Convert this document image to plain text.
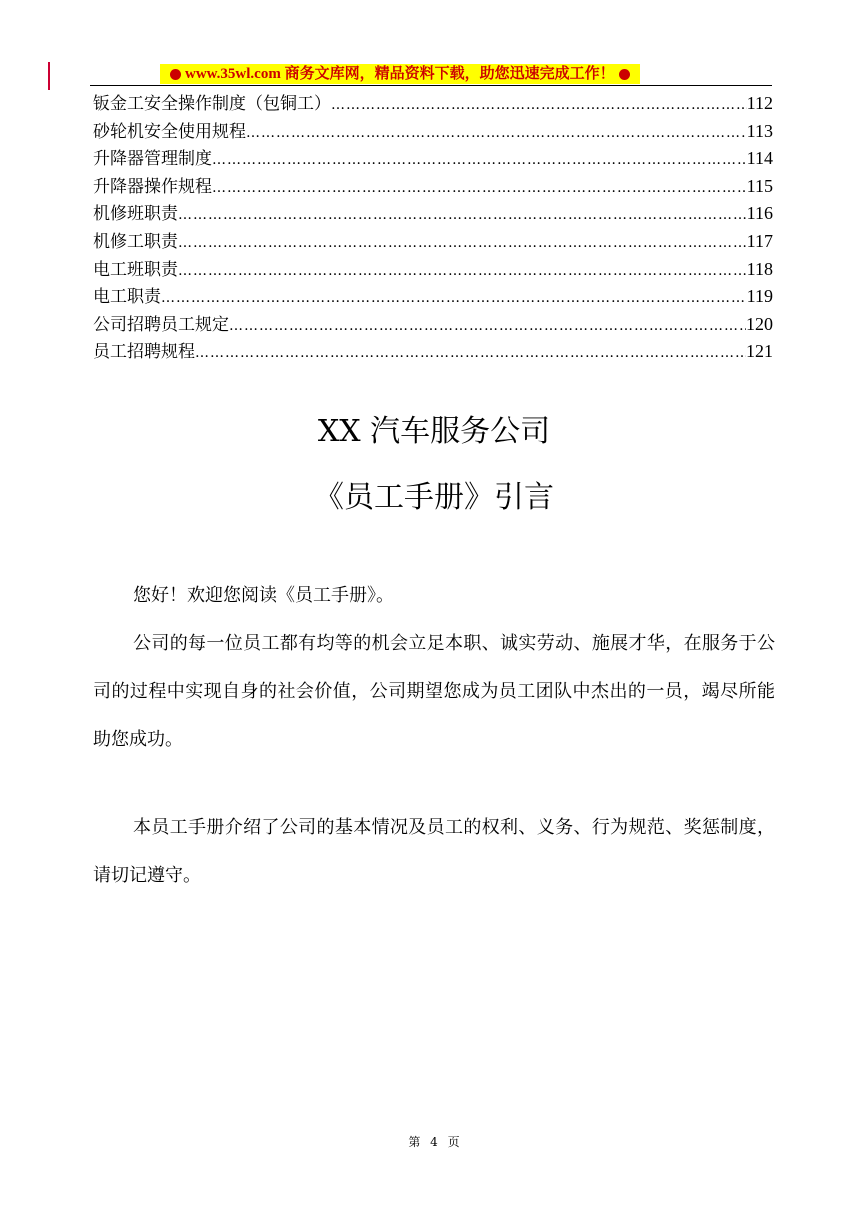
www.35wl.com 商务文库网，精品资料下载，助您迅速完成工作！
钣金工安全操作制度（包铜工） ……………………………………………………………………………………………………………………………………………………………………………………………………………	112
砂轮机安全使用规程 ……………………………………………………………………………………………………………………………………………………………………………………………………………	113
升降器管理制度 ……………………………………………………………………………………………………………………………………………………………………………………………………………	114
升降器操作规程 ……………………………………………………………………………………………………………………………………………………………………………………………………………	115
机修班职责 ……………………………………………………………………………………………………………………………………………………………………………………………………………	116
机修工职责 ……………………………………………………………………………………………………………………………………………………………………………………………………………	117
电工班职责 ……………………………………………………………………………………………………………………………………………………………………………………………………………	118
电工职责 ……………………………………………………………………………………………………………………………………………………………………………………………………………	119
公司招聘员工规定 ……………………………………………………………………………………………………………………………………………………………………………………………………………	120
员工招聘规程 ……………………………………………………………………………………………………………………………………………………………………………………………………………	121
XX 汽车服务公司
《员工手册》引言

您好！欢迎您阅读《员工手册》。

公司的每一位员工都有均等的机会立足本职、诚实劳动、施展才华，在服务于公司的过程中实现自身的社会价值，公司期望您成为员工团队中杰出的一员，竭尽所能助您成功。

本员工手册介绍了公司的基本情况及员工的权利、义务、行为规范、奖惩制度，请切记遵守。

第 4 页
